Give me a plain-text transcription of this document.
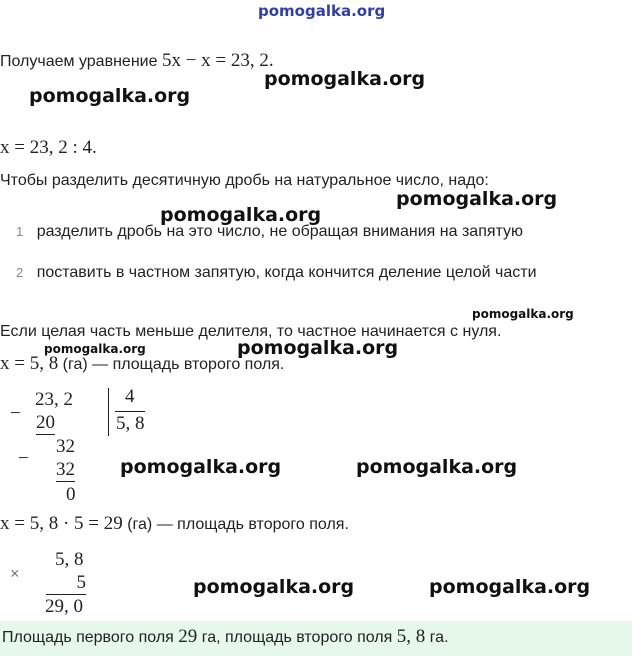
pomogalka.org
Получаем уравнение 5x − x = 23, 2.
pomogalka.org
pomogalka.org
x = 23, 2 : 4.
Чтобы разделить десятичную дробь на натуральное число, надо:
pomogalka.org
pomogalka.org
1 разделить дробь на это число, не обращая внимания на запятую
2 поставить в частном запятую, когда кончится деление целой части
pomogalka.org
Если целая часть меньше делителя, то частное начинается с нуля.
pomogalka.org
pomogalka.org
x = 5, 8 (га) — площадь второго поля.
−
23, 2
20
4
5, 8
−
32
32
0
pomogalka.org	pomogalka.org
x = 5, 8 · 5 = 29 (га) — площадь второго поля.
×
5, 8
5
29, 0
pomogalka.org	pomogalka.org
Площадь первого поля 29 га, площадь второго поля 5, 8 га.
